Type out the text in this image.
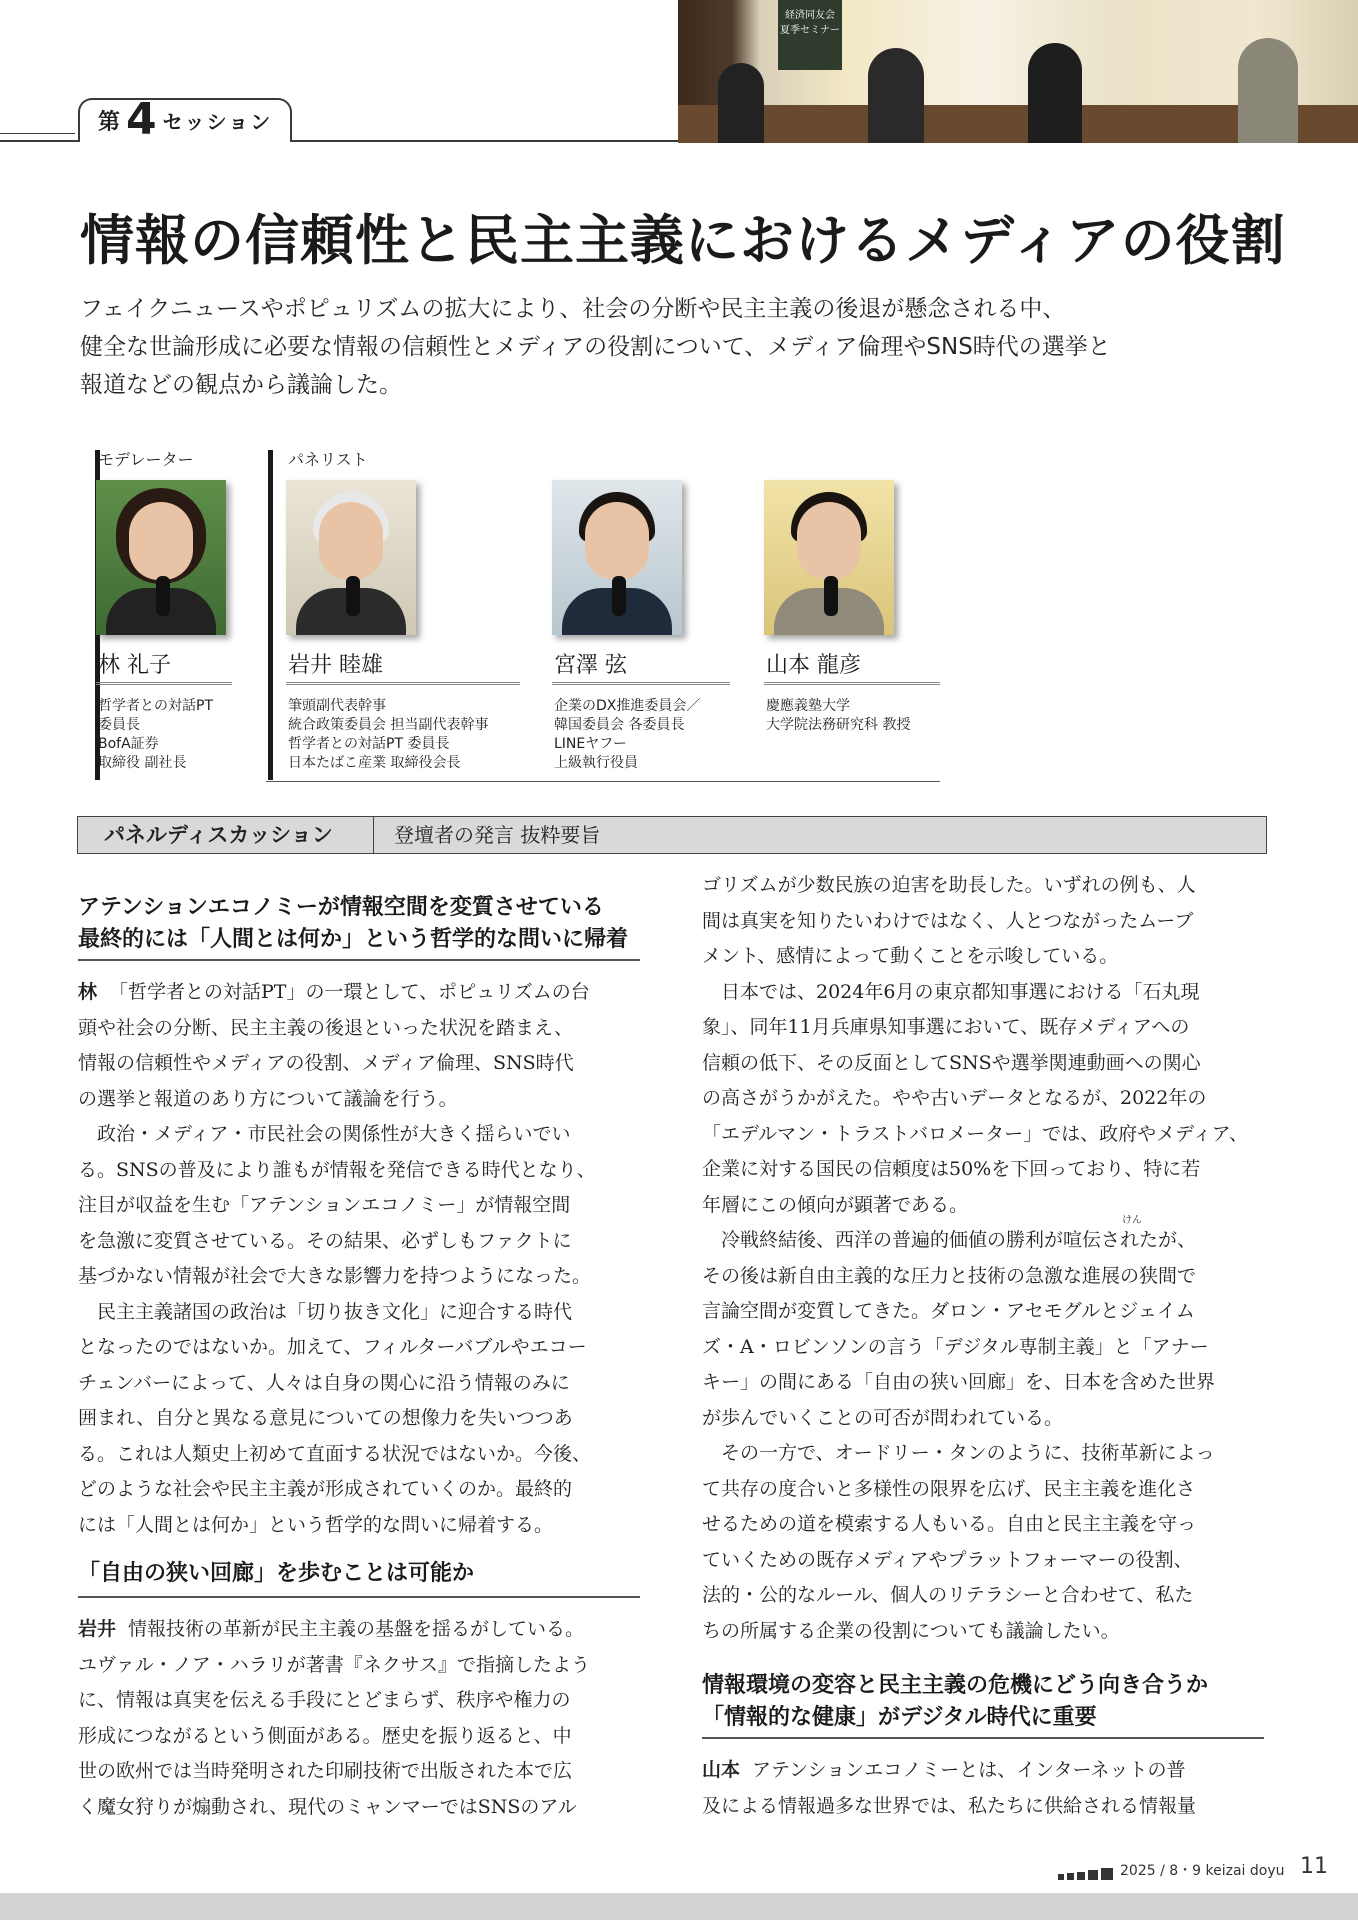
第 4 セッション
経済同友会
夏季セミナー
情報の信頼性と民主主義におけるメディアの役割
フェイクニュースやポピュリズムの拡大により、社会の分断や民主主義の後退が懸念される中、
健全な世論形成に必要な情報の信頼性とメディアの役割について、メディア倫理やSNS時代の選挙と
報道などの観点から議論した。
モデレーター	パネリスト
林 礼子
哲学者との対話PT
委員長
BofA証券
取締役 副社長
岩井 睦雄
筆頭副代表幹事
統合政策委員会 担当副代表幹事
哲学者との対話PT 委員長
日本たばこ産業 取締役会長
宮澤 弦
企業のDX推進委員会／
韓国委員会 各委員長
LINEヤフー
上級執行役員
山本 龍彦
慶應義塾大学
大学院法務研究科 教授
パネルディスカッション	登壇者の発言 抜粋要旨
アテンションエコノミーが情報空間を変質させている
最終的には「人間とは何か」という哲学的な問いに帰着
林 「哲学者との対話PT」の一環として、ポピュリズムの台
頭や社会の分断、民主主義の後退といった状況を踏まえ、
情報の信頼性やメディアの役割、メディア倫理、SNS時代
の選挙と報道のあり方について議論を行う。
政治・メディア・市民社会の関係性が大きく揺らいでい
る。SNSの普及により誰もが情報を発信できる時代となり、
注目が収益を生む「アテンションエコノミー」が情報空間
を急激に変質させている。その結果、必ずしもファクトに
基づかない情報が社会で大きな影響力を持つようになった。
民主主義諸国の政治は「切り抜き文化」に迎合する時代
となったのではないか。加えて、フィルターバブルやエコー
チェンバーによって、人々は自身の関心に沿う情報のみに
囲まれ、自分と異なる意見についての想像力を失いつつあ
る。これは人類史上初めて直面する状況ではないか。今後、
どのような社会や民主主義が形成されていくのか。最終的
には「人間とは何か」という哲学的な問いに帰着する。
「自由の狭い回廊」を歩むことは可能か
岩井 情報技術の革新が民主主義の基盤を揺るがしている。
ユヴァル・ノア・ハラリが著書『ネクサス』で指摘したよう
に、情報は真実を伝える手段にとどまらず、秩序や権力の
形成につながるという側面がある。歴史を振り返ると、中
世の欧州では当時発明された印刷技術で出版された本で広
く魔女狩りが煽動され、現代のミャンマーではSNSのアル
ゴリズムが少数民族の迫害を助長した。いずれの例も、人
間は真実を知りたいわけではなく、人とつながったムーブ
メント、感情によって動くことを示唆している。
日本では、2024年6月の東京都知事選における「石丸現
象」、同年11月兵庫県知事選において、既存メディアへの
信頼の低下、その反面としてSNSや選挙関連動画への関心
の高さがうかがえた。やや古いデータとなるが、2022年の
「エデルマン・トラストバロメーター」では、政府やメディア、
企業に対する国民の信頼度は50%を下回っており、特に若
年層にこの傾向が顕著である。
冷戦終結後、西洋の普遍的価値の勝利が喧伝されたが、
その後は新自由主義的な圧力と技術の急激な進展の狭間で
言論空間が変質してきた。ダロン・アセモグルとジェイム
ズ・A・ロビンソンの言う「デジタル専制主義」と「アナー
キー」の間にある「自由の狭い回廊」を、日本を含めた世界
が歩んでいくことの可否が問われている。
その一方で、オードリー・タンのように、技術革新によっ
て共存の度合いと多様性の限界を広げ、民主主義を進化さ
せるための道を模索する人もいる。自由と民主主義を守っ
ていくための既存メディアやプラットフォーマーの役割、
法的・公的なルール、個人のリテラシーと合わせて、私た
ちの所属する企業の役割についても議論したい。
けん
情報環境の変容と民主主義の危機にどう向き合うか
「情報的な健康」がデジタル時代に重要
山本 アテンションエコノミーとは、インターネットの普
及による情報過多な世界では、私たちに供給される情報量
2025 / 8・9 keizai doyu 11
